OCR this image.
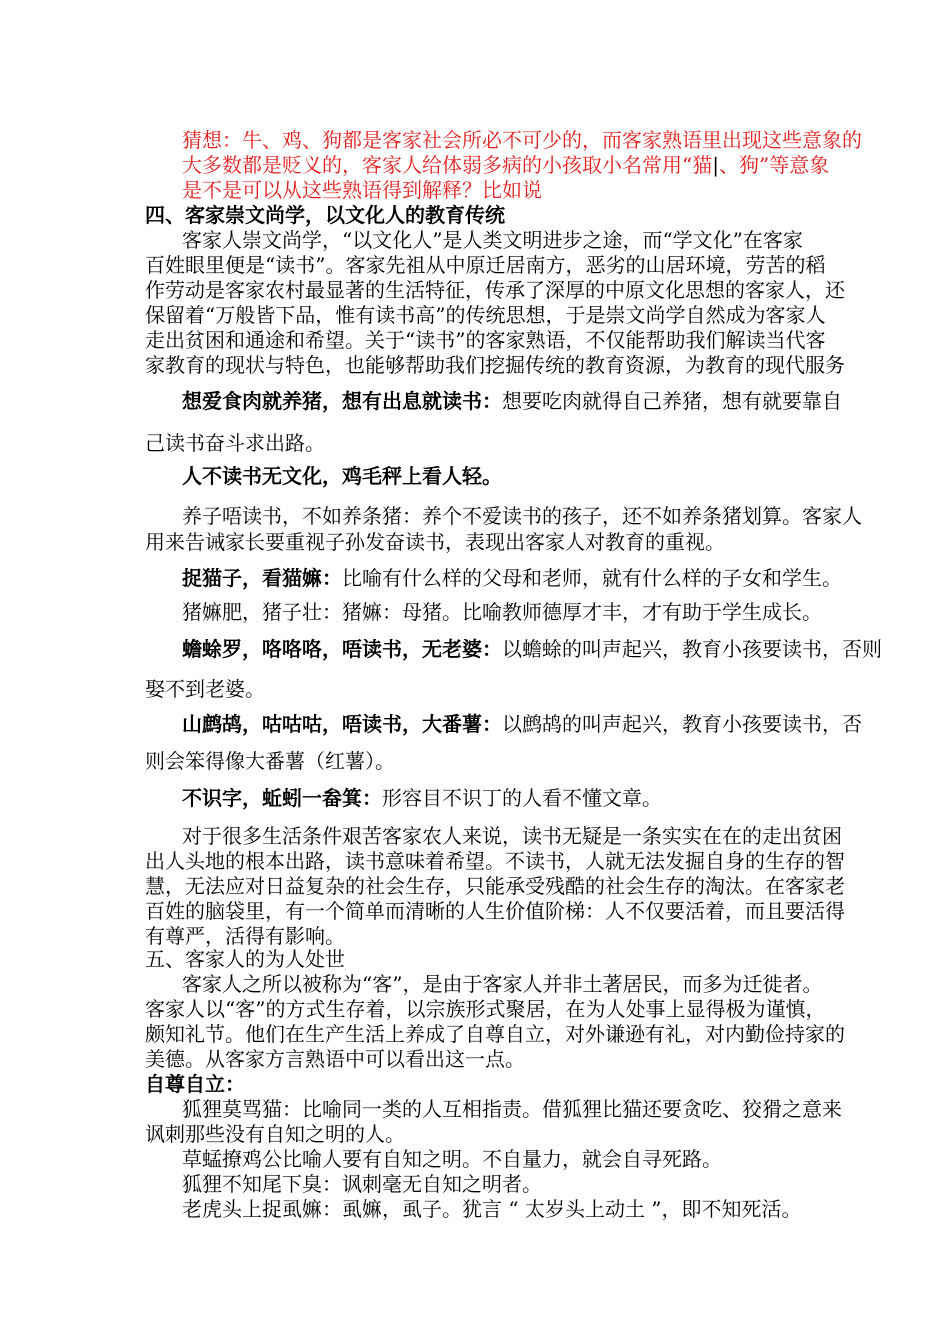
猜想：牛、鸡、狗都是客家社会所必不可少的，而客家熟语里出现这些意象的
大多数都是贬义的，客家人给体弱多病的小孩取小名常用“猫|、狗”等意象
是不是可以从这些熟语得到解释？比如说
四、客家崇文尚学，以文化人的教育传统
客家人崇文尚学，“以文化人”是人类文明进步之途，而“学文化”在客家
百姓眼里便是“读书”。客家先祖从中原迁居南方，恶劣的山居环境，劳苦的稻
作劳动是客家农村最显著的生活特征，传承了深厚的中原文化思想的客家人，还
保留着“万般皆下品，惟有读书高”的传统思想，于是崇文尚学自然成为客家人
走出贫困和通途和希望。关于“读书”的客家熟语，不仅能帮助我们解读当代客
家教育的现状与特色，也能够帮助我们挖掘传统的教育资源，为教育的现代服务
想爱食肉就养猪，想有出息就读书：想要吃肉就得自己养猪，想有就要靠自
己读书奋斗求出路。
人不读书无文化，鸡毛秤上看人轻。
养子唔读书，不如养条猪：养个不爱读书的孩子，还不如养条猪划算。客家人
用来告诫家长要重视子孙发奋读书，表现出客家人对教育的重视。
捉猫子，看猫嫲：比喻有什么样的父母和老师，就有什么样的子女和学生。
猪嫲肥，猪子壮：猪嫲：母猪。比喻教师德厚才丰，才有助于学生成长。
蟾蜍罗，咯咯咯，唔读书，无老婆：以蟾蜍的叫声起兴，教育小孩要读书，否则
娶不到老婆。
山鹧鸪，咕咕咕，唔读书，大番薯：以鹧鸪的叫声起兴，教育小孩要读书，否
则会笨得像大番薯（红薯）。
不识字，蚯蚓一畚箕：形容目不识丁的人看不懂文章。
对于很多生活条件艰苦客家农人来说，读书无疑是一条实实在在的走出贫困
出人头地的根本出路，读书意味着希望。不读书，人就无法发掘自身的生存的智
慧，无法应对日益复杂的社会生存，只能承受残酷的社会生存的淘汰。在客家老
百姓的脑袋里，有一个简单而清晰的人生价值阶梯：人不仅要活着，而且要活得
有尊严，活得有影响。
五、客家人的为人处世
客家人之所以被称为“客”，是由于客家人并非土著居民，而多为迁徙者。
客家人以“客”的方式生存着，以宗族形式聚居，在为人处事上显得极为谨慎，
颇知礼节。他们在生产生活上养成了自尊自立，对外谦逊有礼，对内勤俭持家的
美德。从客家方言熟语中可以看出这一点。
自尊自立：
狐狸莫骂猫：比喻同一类的人互相指责。借狐狸比猫还要贪吃、狡猾之意来
讽刺那些没有自知之明的人。
草蜢撩鸡公比喻人要有自知之明。不自量力，就会自寻死路。
狐狸不知尾下臭：讽刺毫无自知之明者。
老虎头上捉虱嫲：虱嫲，虱子。犹言 “ 太岁头上动土 ”，即不知死活。
